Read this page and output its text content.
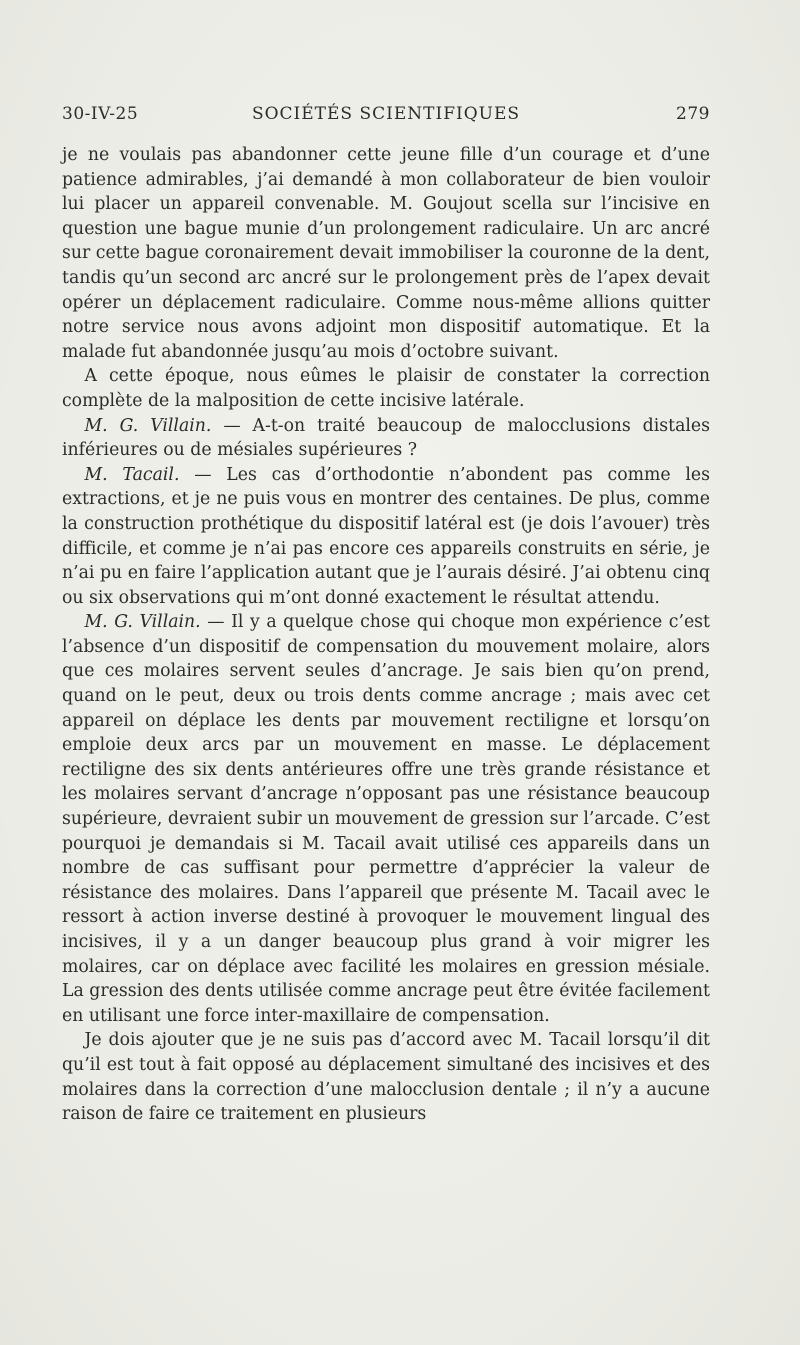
30-IV-25	SOCIÉTÉS SCIENTIFIQUES	279

je ne voulais pas abandonner cette jeune fille d’un courage et d’une patience admirables, j’ai demandé à mon collaborateur de bien vouloir lui placer un appareil convenable. M. Goujout scella sur l’incisive en question une bague munie d’un prolongement radiculaire. Un arc ancré sur cette bague coronairement devait immobiliser la couronne de la dent, tandis qu’un second arc ancré sur le prolongement près de l’apex devait opérer un déplacement radiculaire. Comme nous-même allions quitter notre service nous avons adjoint mon dispositif automatique. Et la malade fut abandonnée jusqu’au mois d’octobre suivant.

A cette époque, nous eûmes le plaisir de constater la correction complète de la malposition de cette incisive latérale.

M. G. Villain. — A-t-on traité beaucoup de malocclusions distales inférieures ou de mésiales supérieures ?

M. Tacail. — Les cas d’orthodontie n’abondent pas comme les extractions, et je ne puis vous en montrer des centaines. De plus, comme la construction prothétique du dispositif latéral est (je dois l’avouer) très difficile, et comme je n’ai pas encore ces appareils construits en série, je n’ai pu en faire l’application autant que je l’aurais désiré. J’ai obtenu cinq ou six observations qui m’ont donné exactement le résultat attendu.

M. G. Villain. — Il y a quelque chose qui choque mon expérience c’est l’absence d’un dispositif de compensation du mouvement molaire, alors que ces molaires servent seules d’ancrage. Je sais bien qu’on prend, quand on le peut, deux ou trois dents comme ancrage ; mais avec cet appareil on déplace les dents par mouvement rectiligne et lorsqu’on emploie deux arcs par un mouvement en masse. Le déplacement rectiligne des six dents antérieures offre une très grande résistance et les molaires servant d’ancrage n’opposant pas une résistance beaucoup supérieure, devraient subir un mouvement de gression sur l’arcade. C’est pourquoi je demandais si M. Tacail avait utilisé ces appareils dans un nombre de cas suffisant pour permettre d’apprécier la valeur de résistance des molaires. Dans l’appareil que présente M. Tacail avec le ressort à action inverse destiné à provoquer le mouvement lingual des incisives, il y a un danger beaucoup plus grand à voir migrer les molaires, car on déplace avec facilité les molaires en gression mésiale. La gression des dents utilisée comme ancrage peut être évitée facilement en utilisant une force inter-maxillaire de compensation.

Je dois ajouter que je ne suis pas d’accord avec M. Tacail lorsqu’il dit qu’il est tout à fait opposé au déplacement simultané des incisives et des molaires dans la correction d’une malocclusion dentale ; il n’y a aucune raison de faire ce traitement en plusieurs
